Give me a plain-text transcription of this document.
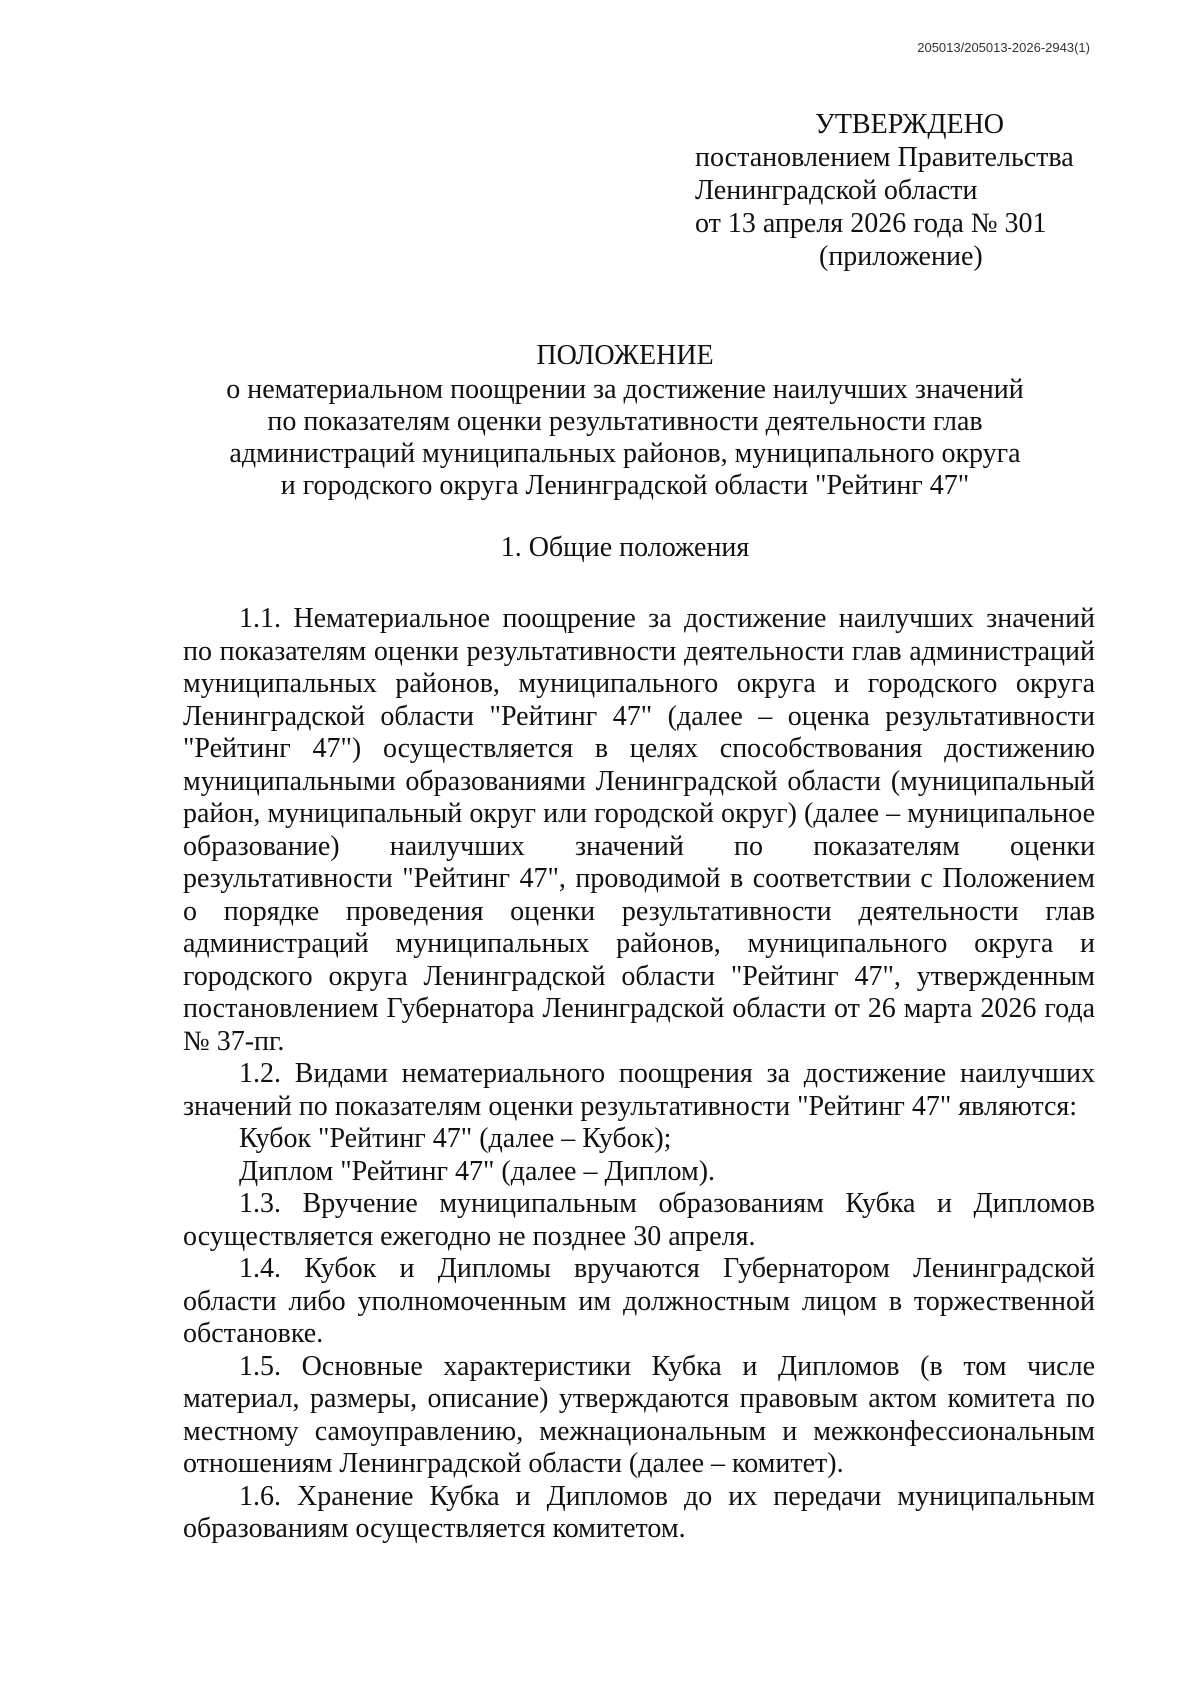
205013/205013-2026-2943(1)
УТВЕРЖДЕНО
постановлением Правительства
Ленинградской области
от 13 апреля 2026 года № 301
(приложение)
ПОЛОЖЕНИЕ
о нематериальном поощрении за достижение наилучших значений
по показателям оценки результативности деятельности глав
администраций муниципальных районов, муниципального округа
и городского округа Ленинградской области "Рейтинг 47"
1. Общие положения

1.1. Нематериальное поощрение за достижение наилучших значений по показателям оценки результативности деятельности глав администраций муниципальных районов, муниципального округа и городского округа Ленинградской области "Рейтинг 47" (далее – оценка результативности "Рейтинг 47") осуществляется в целях способствования достижению муниципальными образованиями Ленинградской области (муниципальный район, муниципальный округ или городской округ) (далее – муниципальное образование) наилучших значений по показателям оценки результативности "Рейтинг 47", проводимой в соответствии с Положением о порядке проведения оценки результативности деятельности глав администраций муниципальных районов, муниципального округа и городского округа Ленинградской области "Рейтинг 47", утвержденным постановлением Губернатора Ленинградской области от 26 марта 2026 года № 37-пг.

1.2. Видами нематериального поощрения за достижение наилучших значений по показателям оценки результативности "Рейтинг 47" являются:

Кубок "Рейтинг 47" (далее – Кубок);

Диплом "Рейтинг 47" (далее – Диплом).

1.3. Вручение муниципальным образованиям Кубка и Дипломов осуществляется ежегодно не позднее 30 апреля.

1.4. Кубок и Дипломы вручаются Губернатором Ленинградской области либо уполномоченным им должностным лицом в торжественной обстановке.

1.5. Основные характеристики Кубка и Дипломов (в том числе материал, размеры, описание) утверждаются правовым актом комитета по местному самоуправлению, межнациональным и межконфессиональным отношениям Ленинградской области (далее – комитет).

1.6. Хранение Кубка и Дипломов до их передачи муниципальным образованиям осуществляется комитетом.
